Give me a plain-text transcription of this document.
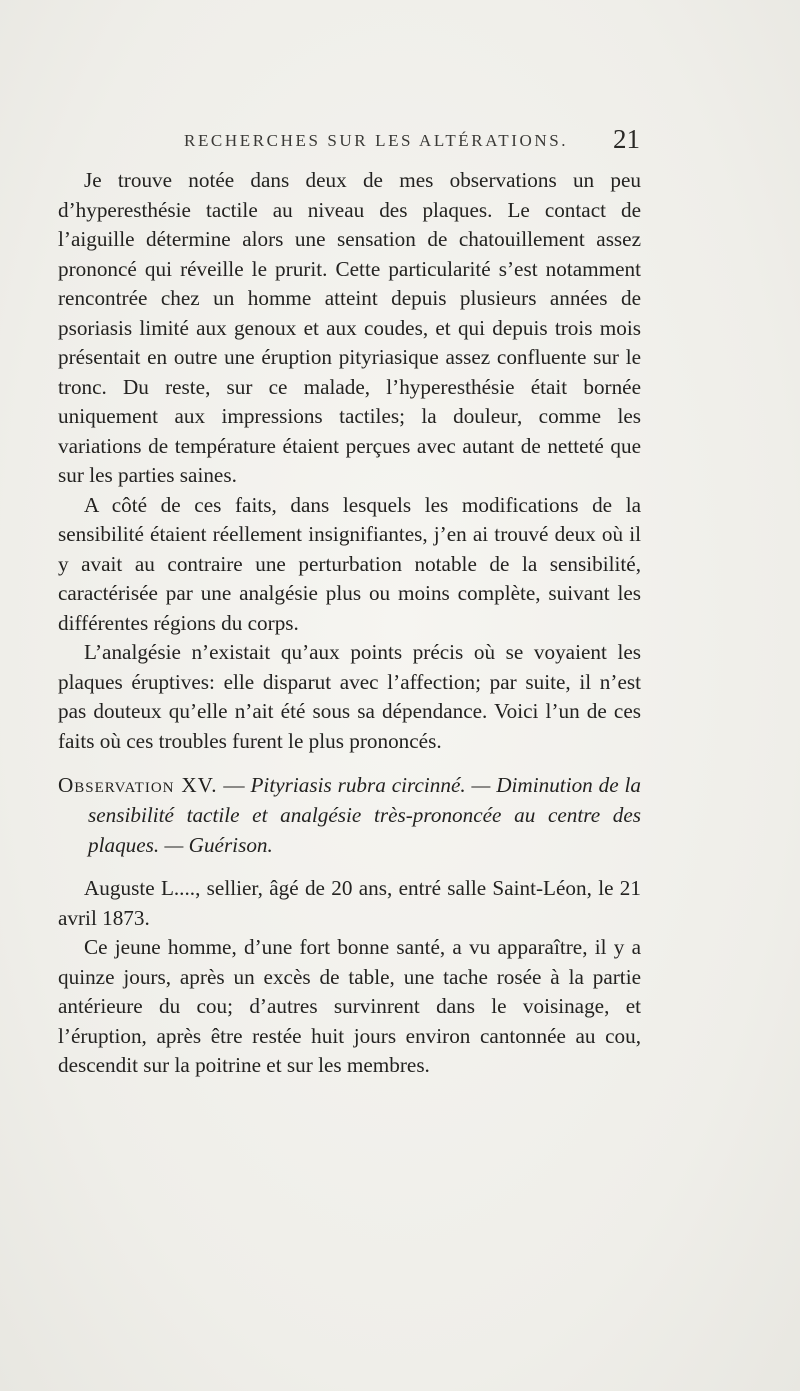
RECHERCHES SUR LES ALTÉRATIONS.	21

Je trouve notée dans deux de mes observations un peu d’hyperesthésie tactile au niveau des plaques. Le contact de l’aiguille détermine alors une sensation de chatouillement assez prononcé qui réveille le prurit. Cette particularité s’est notamment rencontrée chez un homme atteint depuis plusieurs années de psoriasis limité aux genoux et aux coudes, et qui depuis trois mois présentait en outre une éruption pityriasique assez confluente sur le tronc. Du reste, sur ce malade, l’hyperesthésie était bornée uniquement aux impressions tactiles; la douleur, comme les variations de température étaient perçues avec autant de netteté que sur les parties saines.

A côté de ces faits, dans lesquels les modifications de la sensibilité étaient réellement insignifiantes, j’en ai trouvé deux où il y avait au contraire une perturbation notable de la sensibilité, caractérisée par une analgésie plus ou moins complète, suivant les différentes régions du corps.

L’analgésie n’existait qu’aux points précis où se voyaient les plaques éruptives: elle disparut avec l’affection; par suite, il n’est pas douteux qu’elle n’ait été sous sa dépendance. Voici l’un de ces faits où ces troubles furent le plus prononcés.

Observation XV. — Pityriasis rubra circinné. — Diminution de la sensibilité tactile et analgésie très-prononcée au centre des plaques. — Guérison.

Auguste L...., sellier, âgé de 20 ans, entré salle Saint-Léon, le 21 avril 1873.

Ce jeune homme, d’une fort bonne santé, a vu apparaître, il y a quinze jours, après un excès de table, une tache rosée à la partie antérieure du cou; d’autres survinrent dans le voisinage, et l’éruption, après être restée huit jours environ cantonnée au cou, descendit sur la poitrine et sur les membres.
